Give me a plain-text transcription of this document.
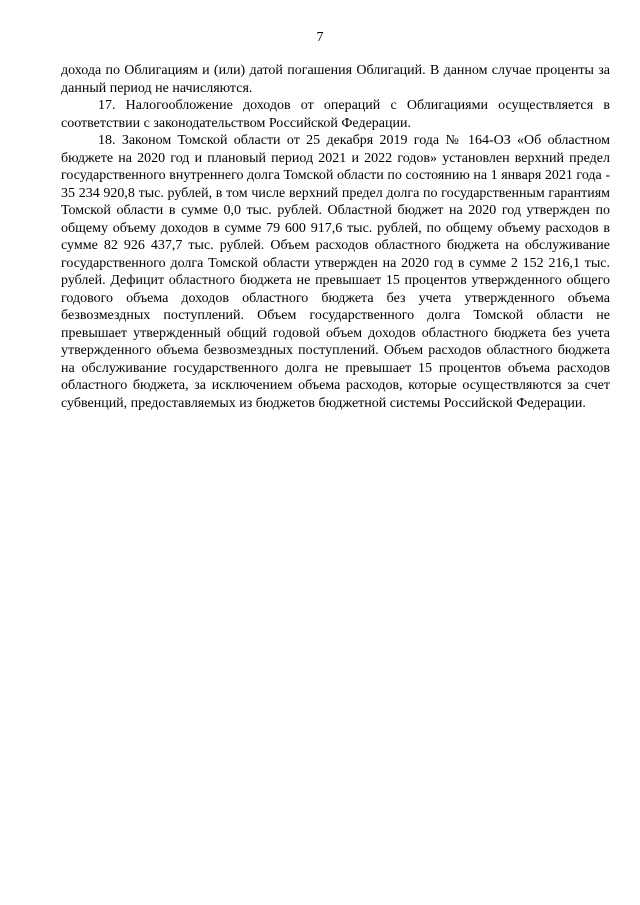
7

дохода по Облигациям и (или) датой погашения Облигаций. В данном случае проценты за данный период не начисляются.

17. Налогообложение доходов от операций с Облигациями осуществляется в соответствии с законодательством Российской Федерации.

18. Законом Томской области от 25 декабря 2019 года № 164-ОЗ «Об областном бюджете на 2020 год и плановый период 2021 и 2022 годов» установлен верхний предел государственного внутреннего долга Томской области по состоянию на 1 января 2021 года - 35 234 920,8 тыс. рублей, в том числе верхний предел долга по государственным гарантиям Томской области в сумме 0,0 тыс. рублей. Областной бюджет на 2020 год утвержден по общему объему доходов в сумме 79 600 917,6 тыс. рублей, по общему объему расходов в сумме 82 926 437,7 тыс. рублей. Объем расходов областного бюджета на обслуживание государственного долга Томской области утвержден на 2020 год в сумме 2 152 216,1 тыс. рублей. Дефицит областного бюджета не превышает 15 процентов утвержденного общего годового объема доходов областного бюджета без учета утвержденного объема безвозмездных поступлений. Объем государственного долга Томской области не превышает утвержденный общий годовой объем доходов областного бюджета без учета утвержденного объема безвозмездных поступлений. Объем расходов областного бюджета на обслуживание государственного долга не превышает 15 процентов объема расходов областного бюджета, за исключением объема расходов, которые осуществляются за счет субвенций, предоставляемых из бюджетов бюджетной системы Российской Федерации.
